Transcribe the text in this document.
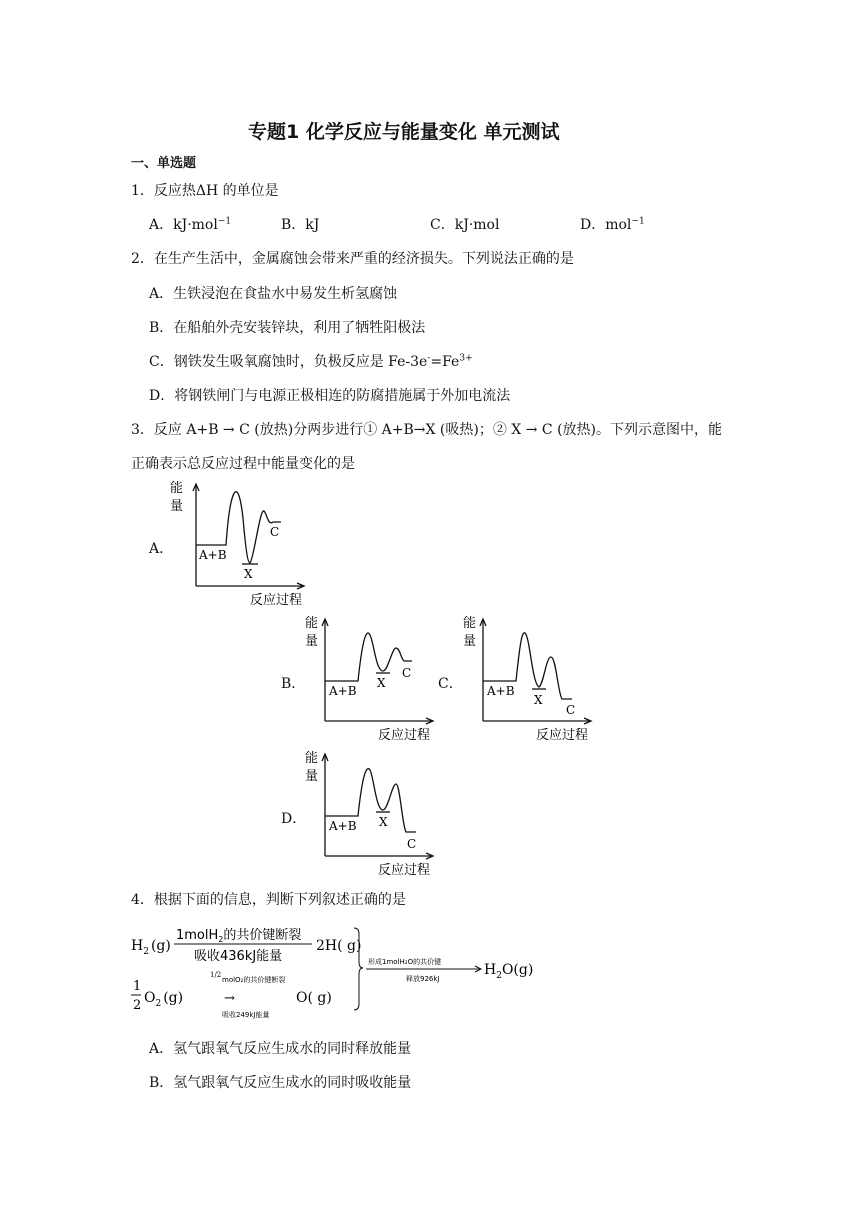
专题1 化学反应与能量变化 单元测试
一、单选题
1．反应热ΔH 的单位是
A．kJ·mol$^{-1}$	B．kJ	C．kJ·mol	D．mol$^{-1}$
2．在生产生活中，金属腐蚀会带来严重的经济损失。下列说法正确的是
A．生铁浸泡在食盐水中易发生析氢腐蚀
B．在船舶外壳安装锌块，利用了牺牲阳极法
C．钢铁发生吸氧腐蚀时，负极反应是 $Fe-3e^-=Fe^{3+}$
D．将钢铁闸门与电源正极相连的防腐措施属于外加电流法
3．反应 A+B → C (放热)分两步进行① A+B→X (吸热)；② X → C (放热)。下列示意图中，能
正确表示总反应过程中能量变化的是
A．
B．	C．
D．
能
量
A+B
X
C
反应过程
能
量
A+B
X
C
反应过程
能
量
A+B
X
C
反应过程
能
量
A+B X
C
反应过程
4．根据下面的信息，判断下列叙述正确的是
$H_2$ (g)
1molH$_2$的共价键断裂
吸收436kJ能量
2H( g)
1
2 $O_2$ (g)
1/2
molO₂的共价键断裂
→
吸收249kJ能量
O( g)
形成1molH₂O的共价键
释放926kJ
$H_2O(g)$
A．氢气跟氧气反应生成水的同时释放能量
B．氢气跟氧气反应生成水的同时吸收能量
